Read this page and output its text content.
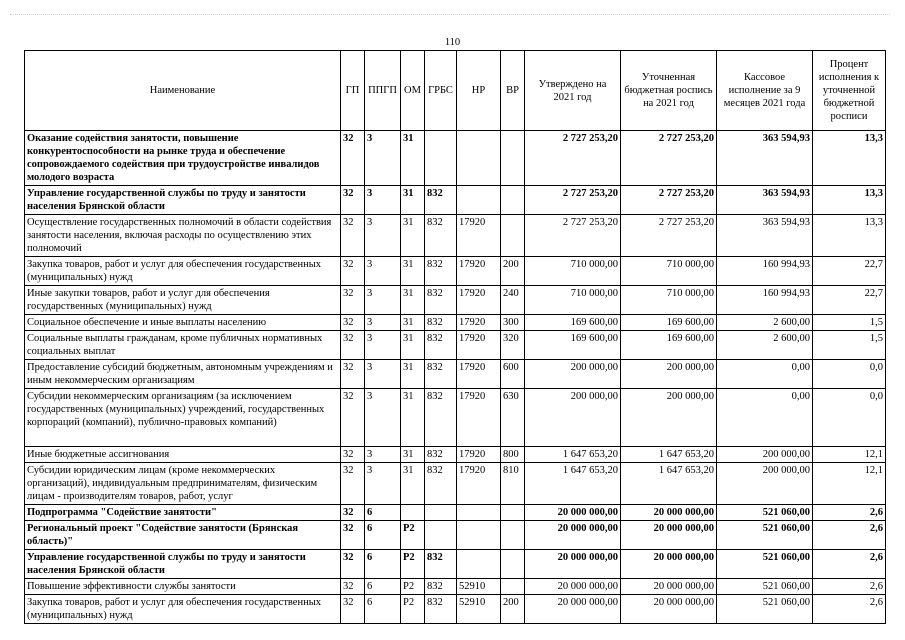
110
Наименование	ГП	ППГП	ОМ	ГРБС	НР	ВР	Утверждено на 2021 год	Уточненная бюджетная роспись на 2021 год	Кассовое исполнение за 9 месяцев 2021 года	Процент исполнения к уточненной бюджетной росписи
Оказание содействия занятости, повышение конкурентоспособности на рынке труда и обеспечение сопровождаемого содействия при трудоустройстве инвалидов молодого возраста	32	3	31				2 727 253,20	2 727 253,20	363 594,93	13,3
Управление государственной службы по труду и занятости населения Брянской области	32	3	31	832			2 727 253,20	2 727 253,20	363 594,93	13,3
Осуществление государственных полномочий в области содействия занятости населения, включая расходы по осуществлению этих полномочий	32	3	31	832	17920		2 727 253,20	2 727 253,20	363 594,93	13,3
Закупка товаров, работ и услуг для обеспечения государственных (муниципальных) нужд	32	3	31	832	17920	200	710 000,00	710 000,00	160 994,93	22,7
Иные закупки товаров, работ и услуг для обеспечения государственных (муниципальных) нужд	32	3	31	832	17920	240	710 000,00	710 000,00	160 994,93	22,7
Социальное обеспечение и иные выплаты населению	32	3	31	832	17920	300	169 600,00	169 600,00	2 600,00	1,5
Социальные выплаты гражданам, кроме публичных нормативных социальных выплат	32	3	31	832	17920	320	169 600,00	169 600,00	2 600,00	1,5
Предоставление субсидий бюджетным, автономным учреждениям и иным некоммерческим организациям	32	3	31	832	17920	600	200 000,00	200 000,00	0,00	0,0
Субсидии некоммерческим организациям (за исключением государственных (муниципальных) учреждений, государственных корпораций (компаний), публично-правовых компаний)	32	3	31	832	17920	630	200 000,00	200 000,00	0,00	0,0
Иные бюджетные ассигнования	32	3	31	832	17920	800	1 647 653,20	1 647 653,20	200 000,00	12,1
Субсидии юридическим лицам (кроме некоммерческих организаций), индивидуальным предпринимателям, физическим лицам - производителям товаров, работ, услуг	32	3	31	832	17920	810	1 647 653,20	1 647 653,20	200 000,00	12,1
Подпрограмма "Содействие занятости"	32	6					20 000 000,00	20 000 000,00	521 060,00	2,6
Региональный проект "Содействие занятости (Брянская область)"	32	6	P2				20 000 000,00	20 000 000,00	521 060,00	2,6
Управление государственной службы по труду и занятости населения Брянской области	32	6	P2	832			20 000 000,00	20 000 000,00	521 060,00	2,6
Повышение эффективности службы занятости	32	6	P2	832	52910		20 000 000,00	20 000 000,00	521 060,00	2,6
Закупка товаров, работ и услуг для обеспечения государственных (муниципальных) нужд	32	6	P2	832	52910	200	20 000 000,00	20 000 000,00	521 060,00	2,6
